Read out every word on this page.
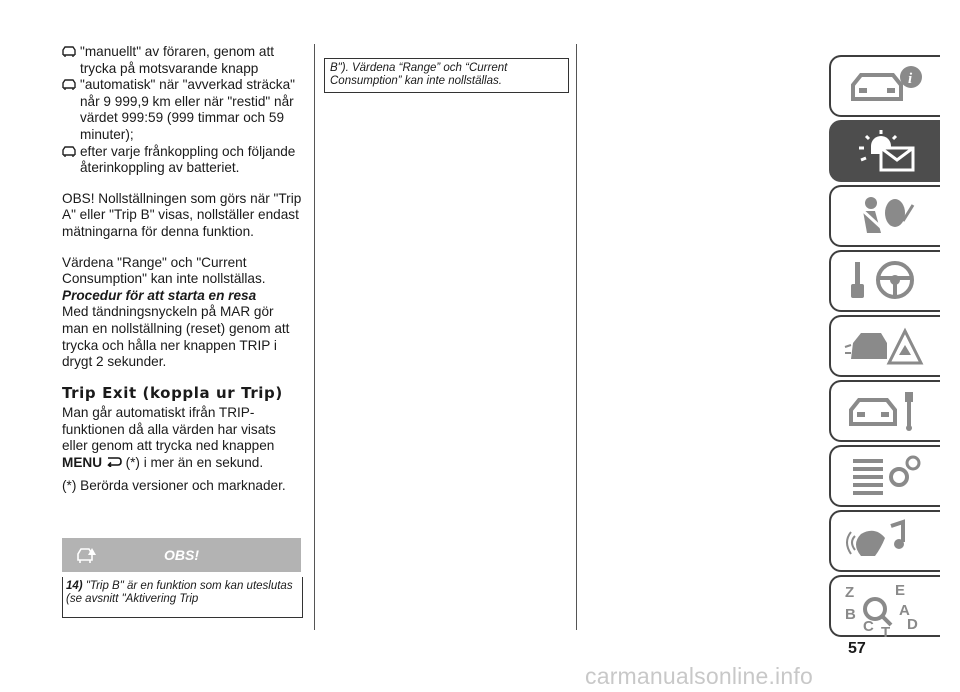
"manuellt" av föraren, genom att trycka på motsvarande knapp
"automatisk" när "avverkad sträcka" når 9 999,9 km eller när "restid" når värdet 999:59 (999 timmar och 59 minuter);
efter varje frånkoppling och följande återinkoppling av batteriet.

OBS! Nollställningen som görs när "Trip A" eller "Trip B" visas, nollställer endast mätningarna för denna funktion.

Värdena "Range" och "Current Consumption" kan inte nollställas.

Procedur för att starta en resa

Med tändningsnyckeln på MAR gör man en nollställning (reset) genom att trycka och hålla ner knappen TRIP i drygt 2 sekunder.

Trip Exit (koppla ur Trip)

Man går automatiskt ifrån TRIP-funktionen då alla värden har visats eller genom att trycka ned knappen
MENU (*) i mer än en sekund.

(*) Berörda versioner och marknader.

OBS!
14) "Trip B" är en funktion som kan uteslutas (se avsnitt "Aktivering Trip
B"). Värdena “Range” och “Current Consumption” kan inte nollställas.	i
Z	E
A
B
C D
T
57
carmanualsonline.info
